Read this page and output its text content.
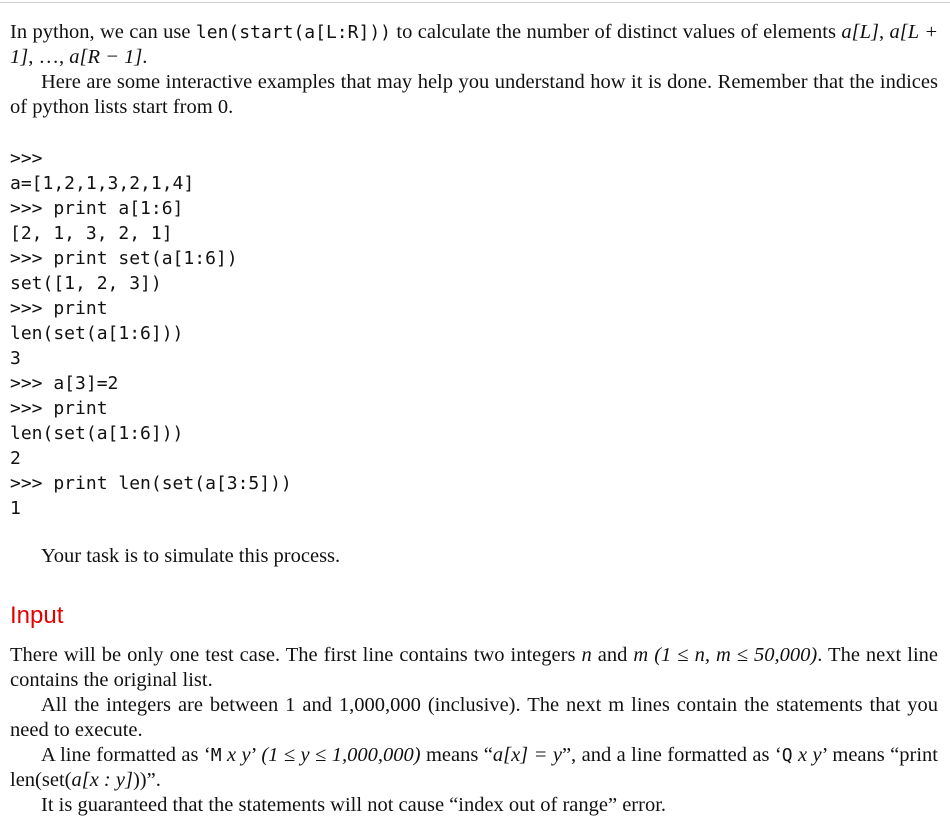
In python, we can use len(start(a[L:R])) to calculate the number of distinct values of elements a[L], a[L + 1], …, a[R − 1].

Here are some interactive examples that may help you understand how it is done. Remember that the indices of python lists start from 0.

>>>
a=[1,2,1,3,2,1,4]
>>> print a[1:6]
[2, 1, 3, 2, 1]
>>> print set(a[1:6])
set([1, 2, 3])
>>> print
len(set(a[1:6]))
3
>>> a[3]=2
>>> print
len(set(a[1:6]))
2
>>> print len(set(a[3:5]))
1

Your task is to simulate this process.

Input

There will be only one test case. The first line contains two integers n and m (1 ≤ n, m ≤ 50,000). The next line contains the original list.

All the integers are between 1 and 1,000,000 (inclusive). The next m lines contain the statements that you need to execute.

A line formatted as ‘M x y’ (1 ≤ y ≤ 1,000,000) means “a[x] = y”, and a line formatted as ‘Q x y’ means “print len(set(a[x : y]))”.

It is guaranteed that the statements will not cause “index out of range” error.
